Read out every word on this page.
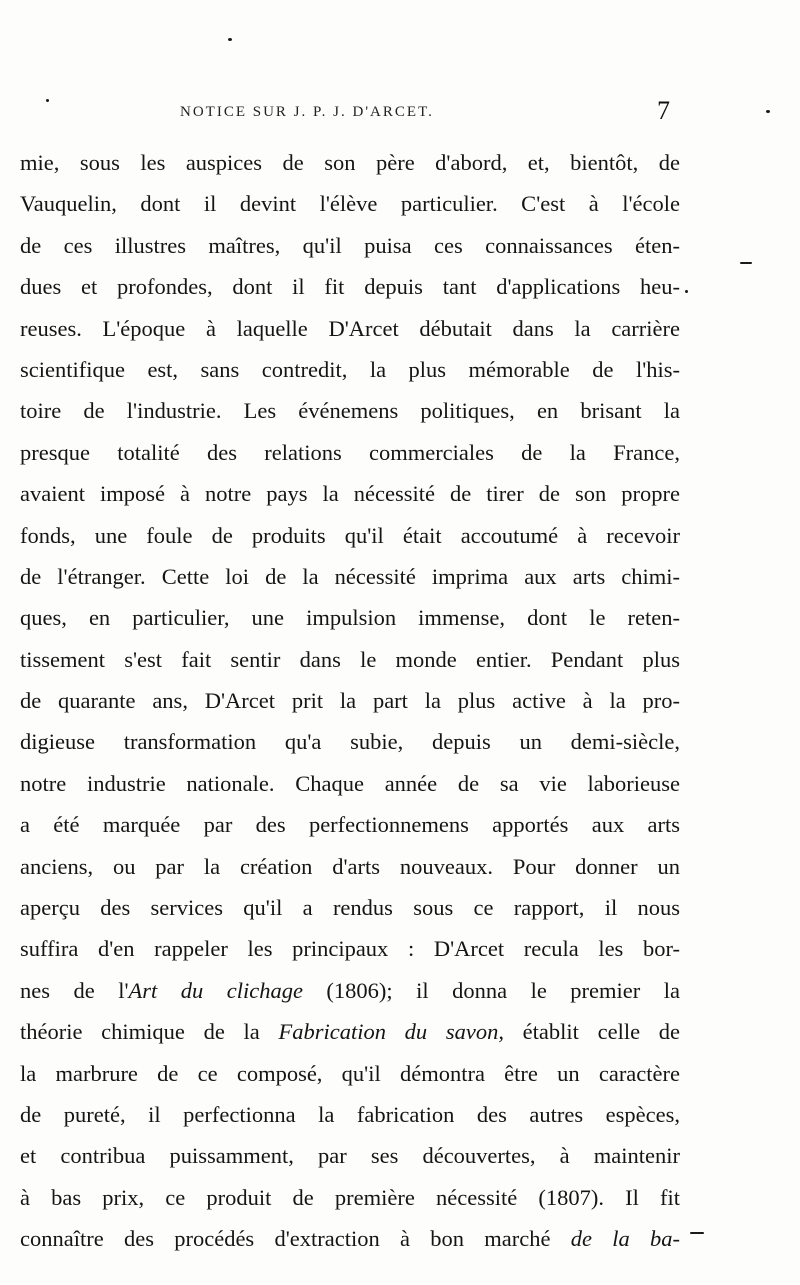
NOTICE SUR J. P. J. D'ARCET.	7
mie, sous les auspices de son père d'abord, et, bientôt, de
Vauquelin, dont il devint l'élève particulier. C'est à l'école
de ces illustres maîtres, qu'il puisa ces connaissances éten-
dues et profondes, dont il fit depuis tant d'applications heu-
reuses. L'époque à laquelle D'Arcet débutait dans la carrière
scientifique est, sans contredit, la plus mémorable de l'his-
toire de l'industrie. Les événemens politiques, en brisant la
presque totalité des relations commerciales de la France,
avaient imposé à notre pays la nécessité de tirer de son propre
fonds, une foule de produits qu'il était accoutumé à recevoir
de l'étranger. Cette loi de la nécessité imprima aux arts chimi-
ques, en particulier, une impulsion immense, dont le reten-
tissement s'est fait sentir dans le monde entier. Pendant plus
de quarante ans, D'Arcet prit la part la plus active à la pro-
digieuse transformation qu'a subie, depuis un demi-siècle,
notre industrie nationale. Chaque année de sa vie laborieuse
a été marquée par des perfectionnemens apportés aux arts
anciens, ou par la création d'arts nouveaux. Pour donner un
aperçu des services qu'il a rendus sous ce rapport, il nous
suffira d'en rappeler les principaux : D'Arcet recula les bor-
nes de l'Art du clichage (1806); il donna le premier la
théorie chimique de la Fabrication du savon, établit celle de
la marbrure de ce composé, qu'il démontra être un caractère
de pureté, il perfectionna la fabrication des autres espèces,
et contribua puissamment, par ses découvertes, à maintenir
à bas prix, ce produit de première nécessité (1807). Il fit
connaître des procédés d'extraction à bon marché de la ba-
